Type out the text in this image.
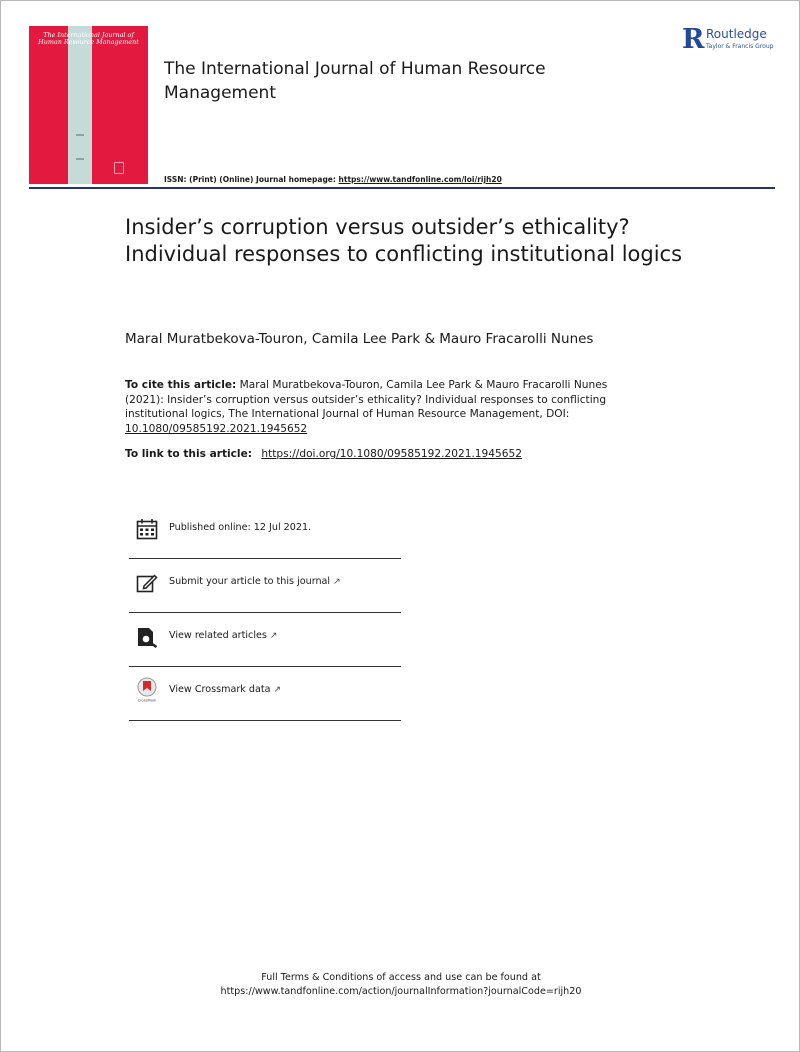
The International Journal of Human Resource Management
The International Journal of Human Resource Management
ISSN: (Print) (Online) Journal homepage: https://www.tandfonline.com/loi/rijh20
R Routledge
Taylor & Francis Group
Insider’s corruption versus outsider’s ethicality? Individual responses to conflicting institutional logics
Maral Muratbekova-Touron, Camila Lee Park & Mauro Fracarolli Nunes
To cite this article: Maral Muratbekova-Touron, Camila Lee Park & Mauro Fracarolli Nunes (2021): Insider’s corruption versus outsider’s ethicality? Individual responses to conflicting institutional logics, The International Journal of Human Resource Management, DOI: 10.1080/09585192.2021.1945652
To link to this article: https://doi.org/10.1080/09585192.2021.1945652
Published online: 12 Jul 2021.
Submit your article to this journal ↗
View related articles ↗
CrossMark
View Crossmark data ↗
Full Terms & Conditions of access and use can be found at
https://www.tandfonline.com/action/journalInformation?journalCode=rijh20
